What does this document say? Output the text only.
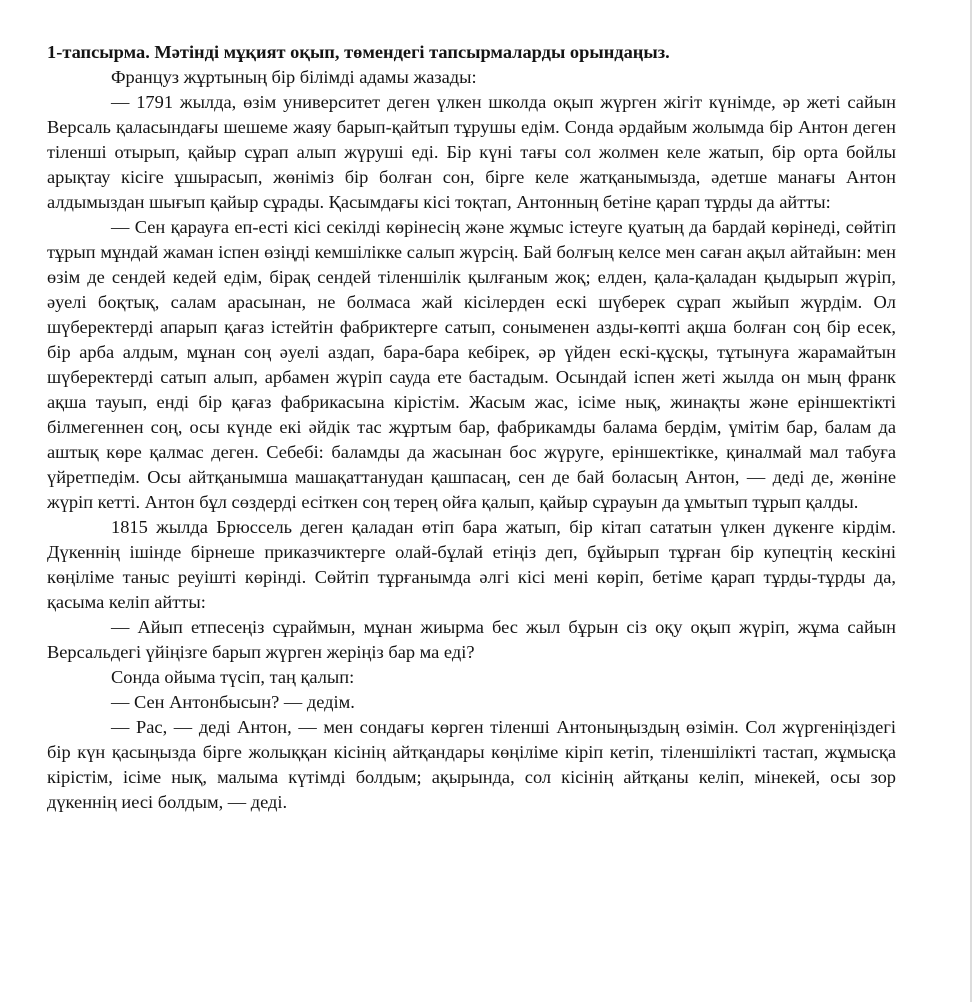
1-тапсырма. Мәтінді мұқият оқып, төмендегі тапсырмаларды орындаңыз.

Француз жұртының бір білімді адамы жазады:

— 1791 жылда, өзім университет деген үлкен школда оқып жүрген жігіт күнімде, әр жеті сайын Версаль қаласындағы шешеме жаяу барып-қайтып тұрушы едім. Сонда әрдайым жолымда бір Антон деген тіленші отырып, қайыр сұрап алып жүруші еді. Бір күні тағы сол жолмен келе жатып, бір орта бойлы арықтау кісіге ұшырасып, жөніміз бір болған сон, бірге келе жатқанымызда, әдетше манағы Антон алдымыздан шығып қайыр сұрады. Қасымдағы кісі тоқтап, Антонның бетіне қарап тұрды да айтты:

— Сен қарауға еп-есті кісі секілді көрінесің және жұмыс істеуге қуатың да бардай көрінеді, сөйтіп тұрып мұндай жаман іспен өзіңді кемшілікке салып жүрсің. Бай болғың келсе мен саған ақыл айтайын: мен өзім де сендей кедей едім, бірақ сендей тіленшілік қылғаным жоқ; елден, қала-қаладан қыдырып жүріп, әуелі боқтық, салам арасынан, не болмаса жай кісілерден ескі шүберек сұрап жыйып жүрдім. Ол шүберектерді апарып қағаз істейтін фабриктерге сатып, соныменен азды-көпті ақша болған соң бір есек, бір арба алдым, мұнан соң әуелі аздап, бара-бара кебірек, әр үйден ескі-құсқы, тұтынуға жарамайтын шүберектерді сатып алып, арбамен жүріп сауда ете бастадым. Осындай іспен жеті жылда он мың франк ақша тауып, енді бір қағаз фабрикасына кірістім. Жасым жас, ісіме нық, жинақты және еріншектікті білмегеннен соң, осы күнде екі әйдік тас жұртым бар, фабрикамды балама бердім, үмітім бар, балам да аштық көре қалмас деген. Себебі: баламды да жасынан бос жүруге, еріншектікке, қиналмай мал табуға үйретпедім. Осы айтқанымша машақаттанудан қашпасаң, сен де бай боласың Антон, — деді де, жөніне жүріп кетті. Антон бұл сөздерді есіткен соң терең ойға қалып, қайыр сұрауын да ұмытып тұрып қалды.

1815 жылда Брюссель деген қаладан өтіп бара жатып, бір кітап сататын үлкен дүкенге кірдім. Дүкеннің ішінде бірнеше приказчиктерге олай-бұлай етіңіз деп, бұйырып тұрған бір купецтің кескіні көңіліме таныс реуішті көрінді. Сөйтіп тұрғанымда әлгі кісі мені көріп, бетіме қарап тұрды-тұрды да, қасыма келіп айтты:

— Айып етпесеңіз сұраймын, мұнан жиырма бес жыл бұрын сіз оқу оқып жүріп, жұма сайын Версальдегі үйіңізге барып жүрген жеріңіз бар ма еді?

Сонда ойыма түсіп, таң қалып:

— Сен Антонбысын? — дедім.

— Рас, — деді Антон, — мен сондағы көрген тіленші Антоныңыздың өзімін. Сол жүргеніңіздегі бір күн қасыңызда бірге жолыққан кісінің айтқандары көңіліме кіріп кетіп, тіленшілікті тастап, жұмысқа кірістім, ісіме нық, малыма күтімді болдым; ақырында, сол кісінің айтқаны келіп, мінекей, осы зор дүкеннің иесі болдым, — деді.
